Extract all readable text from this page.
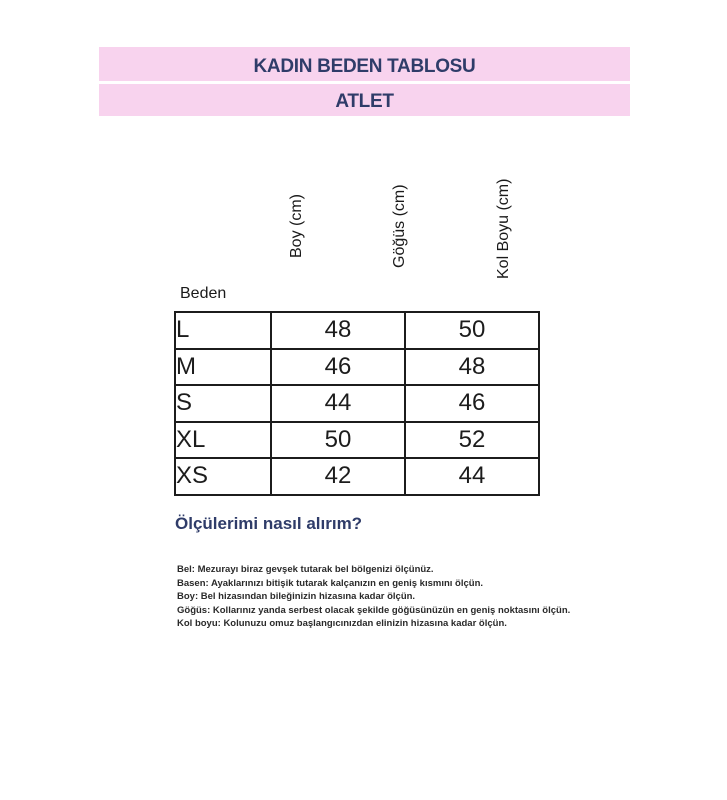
KADIN BEDEN TABLOSU
ATLET
Boy (cm)	Göğüs (cm)	Kol Boyu (cm)
Beden
L	48	50
M	46	48
S	44	46
XL	50	52
XS	42	44
Ölçülerimi nasıl alırım?
Bel: Mezurayı biraz gevşek tutarak bel bölgenizi ölçünüz.
Basen: Ayaklarınızı bitişik tutarak kalçanızın en geniş kısmını ölçün.
Boy: Bel hizasından bileğinizin hizasına kadar ölçün.
Göğüs: Kollarınız yanda serbest olacak şekilde göğüsünüzün en geniş noktasını ölçün.
Kol boyu: Kolunuzu omuz başlangıcınızdan elinizin hizasına kadar ölçün.
